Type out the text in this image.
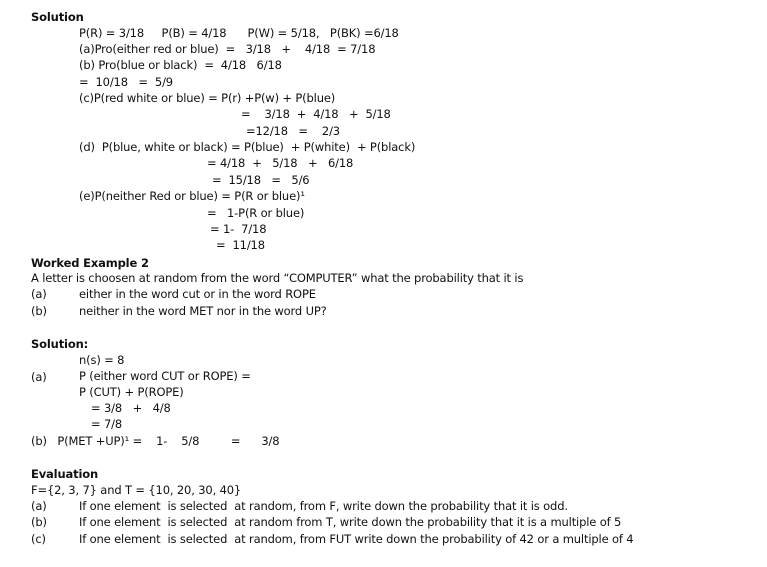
Solution
P(R) = 3/18     P(B) = 4/18      P(W) = 5/18,   P(BK) =6/18
(a)Pro(either red or blue)  =   3/18   +    4/18  = 7/18
(b) Pro(blue or black)  =  4/18   6/18
=  10/18   =  5/9
(c)P(red white or blue) = P(r) +P(w) + P(blue)
=    3/18  +  4/18   +  5/18
=12/18   =    2/3
(d)  P(blue, white or black) = P(blue)  + P(white)  + P(black)
= 4/18  +   5/18   +   6/18
=  15/18   =   5/6
(e)P(neither Red or blue) = P(R or blue)¹
=   1-P(R or blue)
= 1-  7/18
=  11/18
Worked Example 2
A letter is choosen at random from the word “COMPUTER” what the probability that it is
(a)	either in the word cut or in the word ROPE
(b)	neither in the word MET nor in the word UP?
Solution:
n(s) = 8
(a)	P (either word CUT or ROPE) =
P (CUT) + P(ROPE)
= 3/8   +   4/8
= 7/8
(b)   P(MET +UP)¹ =    1-    5/8         =      3/8
Evaluation
F={2, 3, 7} and T = {10, 20, 30, 40}
(a)	If one element  is selected  at random, from F, write down the probability that it is odd.
(b)	If one element  is selected  at random from T, write down the probability that it is a multiple of 5
(c)	If one element  is selected  at random, from FUT write down the probability of 42 or a multiple of 4
